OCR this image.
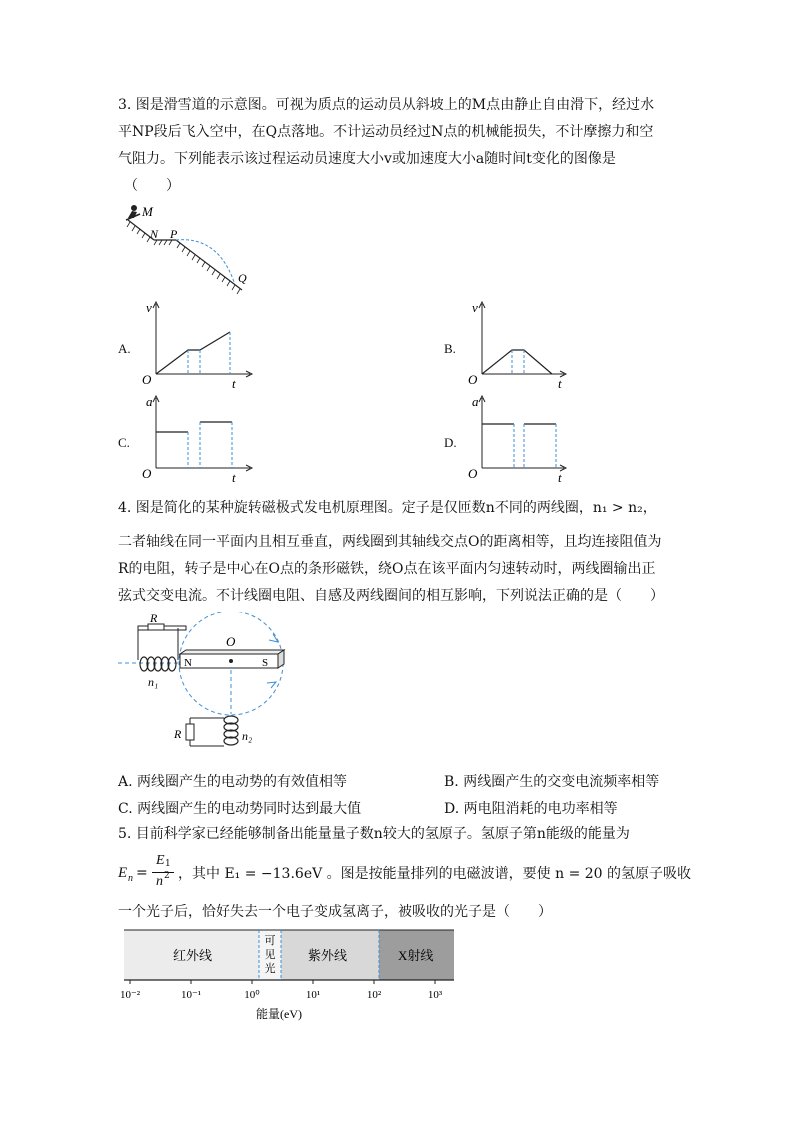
3. 图是滑雪道的示意图。可视为质点的运动员从斜坡上的M点由静止自由滑下，经过水
平NP段后飞入空中，在Q点落地。不计运动员经过N点的机械能损失，不计摩擦力和空
气阻力。下列能表示该过程运动员速度大小v或加速度大小a随时间t变化的图像是
（　　）
M
N P
Q
A.
v
t
O
B.
v
t
O
C.
a
t
O
D.
a
t
O
4. 图是简化的某种旋转磁极式发电机原理图。定子是仅匝数n不同的两线圈，n₁ > n₂，
二者轴线在同一平面内且相互垂直，两线圈到其轴线交点O的距离相等，且均连接阻值为
R的电阻，转子是中心在O点的条形磁铁，绕O点在该平面内匀速转动时，两线圈输出正
弦式交变电流。不计线圈电阻、自感及两线圈间的相互影响，下列说法正确的是（　　）
R
n₁
N	S
O
R	n₂
A. 两线圈产生的电动势的有效值相等	B. 两线圈产生的交变电流频率相等
C. 两线圈产生的电动势同时达到最大值	D. 两电阻消耗的电功率相等
5. 目前科学家已经能够制备出能量量子数n较大的氢原子。氢原子第n能级的能量为
E n =
E 1
n 2 ，其中 E₁ = −13.6eV 。图是按能量排列的电磁波谱，要使 n = 20 的氢原子吸收
一个光子后，恰好失去一个电子变成氢离子，被吸收的光子是（　　）
红外线
可见光
紫外线	X射线
10⁻²	10⁻¹	10⁰	10¹	10²	10³
能量(eV)
